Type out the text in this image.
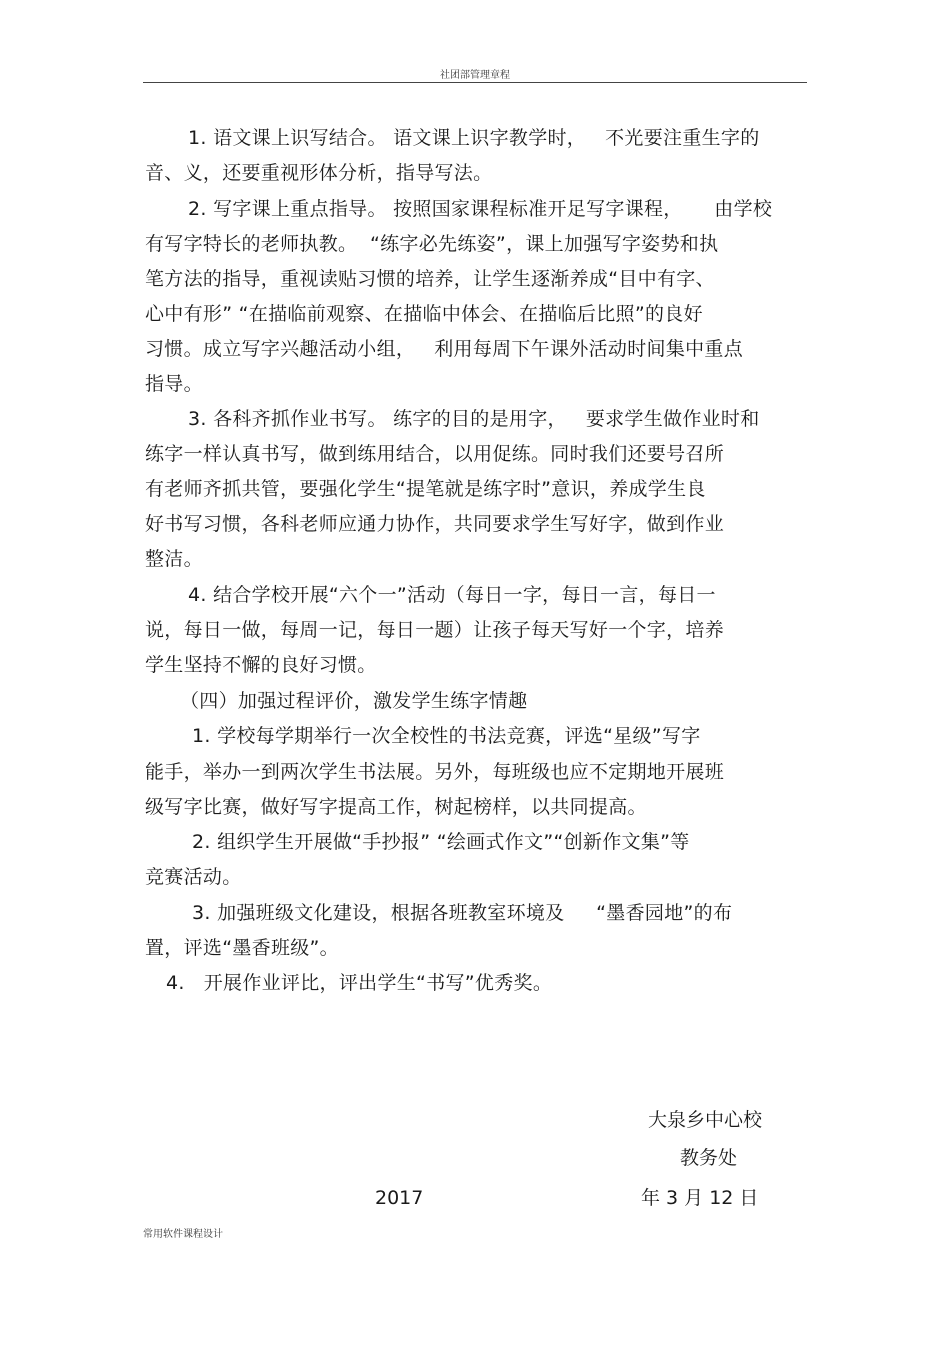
社团部管理章程
1. 语文课上识写结合。 语文课上识字教学时，   不光要注重生字的
音、义，还要重视形体分析，指导写法。
2. 写字课上重点指导。 按照国家课程标准开足写字课程，     由学校
有写字特长的老师执教。  “练字必先练姿”，课上加强写字姿势和执
笔方法的指导，重视读贴习惯的培养，让学生逐渐养成“目中有字、
心中有形” “在描临前观察、在描临中体会、在描临后比照”的良好
习惯。成立写字兴趣活动小组，   利用每周下午课外活动时间集中重点
指导。
3. 各科齐抓作业书写。 练字的目的是用字，   要求学生做作业时和
练字一样认真书写，做到练用结合，以用促练。同时我们还要号召所
有老师齐抓共管，要强化学生“提笔就是练字时”意识，养成学生良
好书写习惯，各科老师应通力协作，共同要求学生写好字，做到作业
整洁。
4. 结合学校开展“六个一”活动（每日一字，每日一言，每日一
说，每日一做，每周一记，每日一题）让孩子每天写好一个字，培养
学生坚持不懈的良好习惯。
（四）加强过程评价，激发学生练字情趣
1. 学校每学期举行一次全校性的书法竞赛，评选“星级”写字
能手，举办一到两次学生书法展。另外，每班级也应不定期地开展班
级写字比赛，做好写字提高工作，树起榜样，以共同提高。
2. 组织学生开展做“手抄报” “绘画式作文”“创新作文集”等
竞赛活动。
3. 加强班级文化建设，根据各班教室环境及     “墨香园地”的布
置，评选“墨香班级”。
4.   开展作业评比，评出学生“书写”优秀奖。
大泉乡中心校
教务处
2017	年 3 月 12 日
常用软件课程设计
